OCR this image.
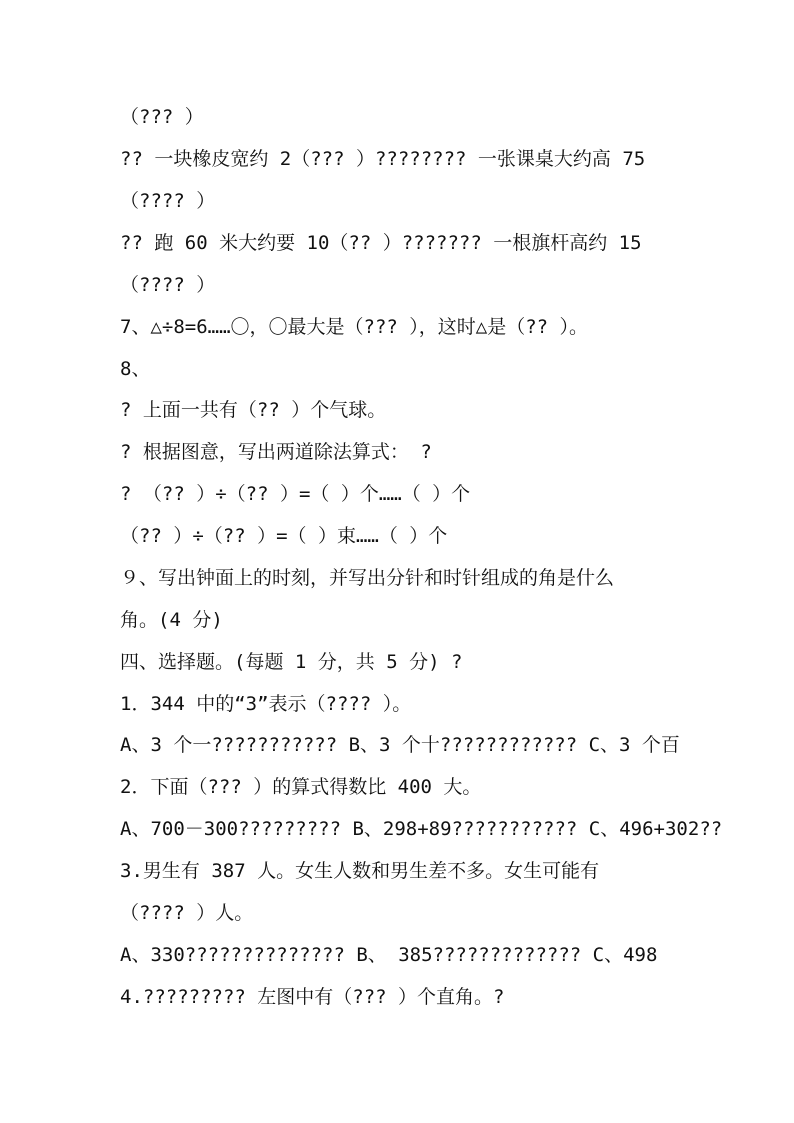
（??? ）
?? 一块橡皮宽约 2（??? ）???????? 一张课桌大约高 75
（???? ）
?? 跑 60 米大约要 10（?? ）??????? 一根旗杆高约 15
（???? ）
7、△÷8=6……〇，〇最大是（??? ），这时△是（?? ）。
8、
? 上面一共有（?? ）个气球。
? 根据图意，写出两道除法算式： ?
? （?? ）÷（?? ）=（ ）个……（ ）个
（?? ）÷（?? ）=（ ）束……（ ）个
９、写出钟面上的时刻，并写出分针和时针组成的角是什么
角。(4 分)
四、选择题。(每题 1 分，共 5 分) ?
1．344 中的“3”表示（???? ）。
A、3 个一??????????? B、3 个十???????????? C、3 个百
2．下面（??? ）的算式得数比 400 大。
A、700－300????????? B、298+89??????????? C、496+302??
3.男生有 387 人。女生人数和男生差不多。女生可能有
（???? ）人。
A、330?????????????? B、 385????????????? C、498
4.????????? 左图中有（??? ）个直角。?
